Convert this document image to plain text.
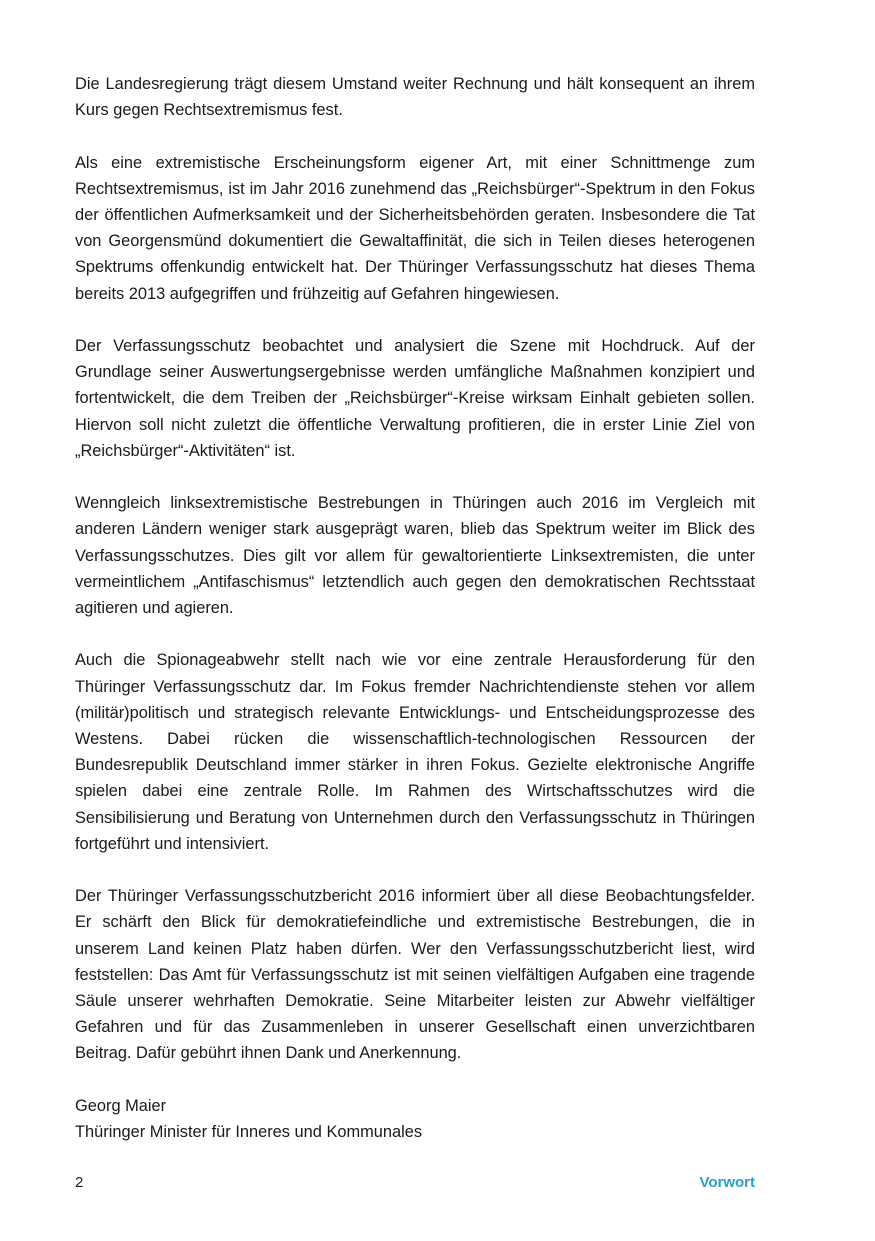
Die Landesregierung trägt diesem Umstand weiter Rechnung und hält konsequent an ihrem Kurs gegen Rechtsextremismus fest.

Als eine extremistische Erscheinungsform eigener Art, mit einer Schnittmenge zum Rechtsextremismus, ist im Jahr 2016 zunehmend das „Reichsbürger“-Spektrum in den Fokus der öffentlichen Aufmerksamkeit und der Sicherheitsbehörden geraten. Insbesondere die Tat von Georgensmünd dokumentiert die Gewaltaffinität, die sich in Teilen dieses heterogenen Spektrums offenkundig entwickelt hat. Der Thüringer Verfassungsschutz hat dieses Thema bereits 2013 aufgegriffen und frühzeitig auf Gefahren hingewiesen.

Der Verfassungsschutz beobachtet und analysiert die Szene mit Hochdruck. Auf der Grundlage seiner Auswertungsergebnisse werden umfängliche Maßnahmen konzipiert und fortentwickelt, die dem Treiben der „Reichsbürger“-Kreise wirksam Einhalt gebieten sollen. Hiervon soll nicht zuletzt die öffentliche Verwaltung profitieren, die in erster Linie Ziel von „Reichsbürger“-Aktivitäten“ ist.

Wenngleich linksextremistische Bestrebungen in Thüringen auch 2016 im Vergleich mit anderen Ländern weniger stark ausgeprägt waren, blieb das Spektrum weiter im Blick des Verfassungsschutzes. Dies gilt vor allem für gewaltorientierte Linksextremisten, die unter vermeintlichem „Antifaschismus“ letztendlich auch gegen den demokratischen Rechtsstaat agitieren und agieren.

Auch die Spionageabwehr stellt nach wie vor eine zentrale Herausforderung für den Thüringer Verfassungsschutz dar. Im Fokus fremder Nachrichtendienste stehen vor allem (militär)politisch und strategisch relevante Entwicklungs- und Entscheidungsprozesse des Westens. Dabei rücken die wissenschaftlich-technologischen Ressourcen der Bundesrepublik Deutschland immer stärker in ihren Fokus. Gezielte elektronische Angriffe spielen dabei eine zentrale Rolle. Im Rahmen des Wirtschaftsschutzes wird die Sensibilisierung und Beratung von Unternehmen durch den Verfassungsschutz in Thüringen fortgeführt und intensiviert.

Der Thüringer Verfassungsschutzbericht 2016 informiert über all diese Beobachtungsfelder. Er schärft den Blick für demokratiefeindliche und extremistische Bestrebungen, die in unserem Land keinen Platz haben dürfen. Wer den Verfassungsschutzbericht liest, wird feststellen: Das Amt für Verfassungsschutz ist mit seinen vielfältigen Aufgaben eine tragende Säule unserer wehrhaften Demokratie. Seine Mitarbeiter leisten zur Abwehr vielfältiger Gefahren und für das Zusammenleben in unserer Gesellschaft einen unverzichtbaren Beitrag. Dafür gebührt ihnen Dank und Anerkennung.

Georg Maier
Thüringer Minister für Inneres und Kommunales
2	Vorwort
